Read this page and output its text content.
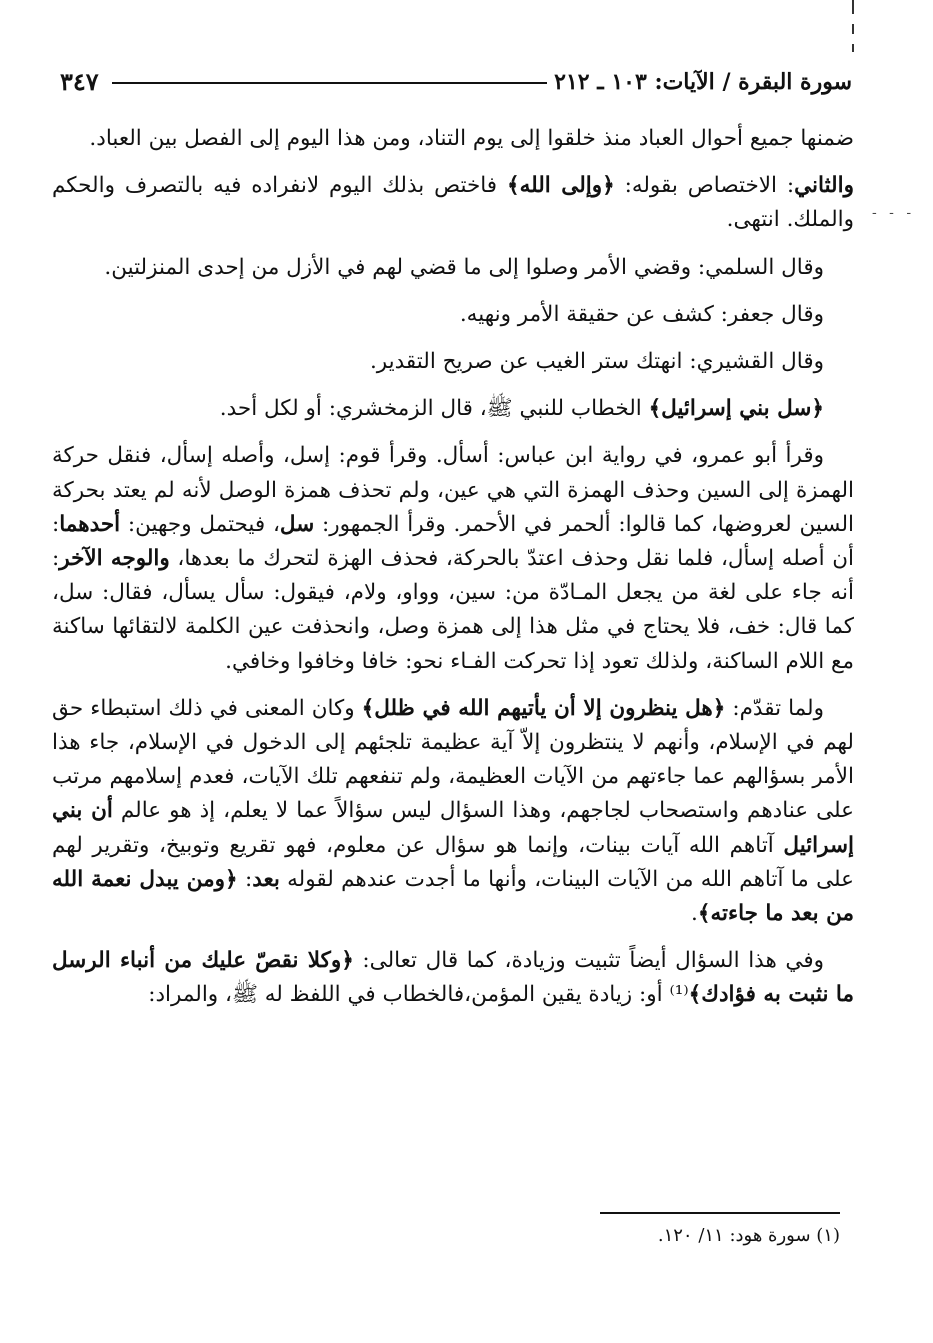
سورة البقرة / الآيات: ١٠٣ ـ ٢١٢
٣٤٧
- - -

ضمنها جميع أحوال العباد منذ خلقوا إلى يوم التناد، ومن هذا اليوم إلى الفصل بين العباد.

والثاني: الاختصاص بقوله: ﴿وإلى الله﴾ فاختص بذلك اليوم لانفراده فيه بالتصرف والحكم والملك. انتهى.

وقال السلمي: وقضي الأمر وصلوا إلى ما قضي لهم في الأزل من إحدى المنزلتين.

وقال جعفر: كشف عن حقيقة الأمر ونهيه.

وقال القشيري: انهتك ستر الغيب عن صريح التقدير.

﴿سل بني إسرائيل﴾ الخطاب للنبي ﷺ، قال الزمخشري: أو لكل أحد.

وقرأ أبو عمرو، في رواية ابن عباس: أسأل. وقرأ قوم: إسل، وأصله إسأل، فنقل حركة الهمزة إلى السين وحذف الهمزة التي هي عين، ولم تحذف همزة الوصل لأنه لم يعتد بحركة السين لعروضها، كما قالوا: ألحمر في الأحمر. وقرأ الجمهور: سل، فيحتمل وجهين: أحدهما: أن أصله إسأل، فلما نقل وحذف اعتدّ بالحركة، فحذف الهزة لتحرك ما بعدها، والوجه الآخر: أنه جاء على لغة من يجعل المـادّة من: سين، وواو، ولام، فيقول: سأل يسأل، فقال: سل، كما قال: خف، فلا يحتاج في مثل هذا إلى همزة وصل، وانحذفت عين الكلمة لالتقائها ساكنة مع اللام الساكنة، ولذلك تعود إذا تحركت الفـاء نحو: خافا وخافوا وخافي.

ولما تقدّم: ﴿هل ينظرون إلا أن يأتيهم الله في ظلل﴾ وكان المعنى في ذلك استبطاء حق لهم في الإسلام، وأنهم لا ينتظرون إلاّ آية عظيمة تلجئهم إلى الدخول في الإسلام، جاء هذا الأمر بسؤالهم عما جاءتهم من الآيات العظيمة، ولم تنفعهم تلك الآيات، فعدم إسلامهم مرتب على عنادهم واستصحاب لجاجهم، وهذا السؤال ليس سؤالاً عما لا يعلم، إذ هو عالم أن بني إسرائيل آتاهم الله آيات بينات، وإنما هو سؤال عن معلوم، فهو تقريع وتوبيخ، وتقرير لهم على ما آتاهم الله من الآيات البينات، وأنها ما أجدت عندهم لقوله بعد: ﴿ومن يبدل نعمة الله من بعد ما جاءته﴾.

وفي هذا السؤال أيضاً تثبيت وزيادة، كما قال تعالى: ﴿وكلا نقصّ عليك من أنباء الرسل ما نثبت به فؤادك﴾⁽¹⁾ أو: زيادة يقين المؤمن،فالخطاب في اللفظ له ﷺ، والمراد:

(١) سورة هود: ١١/ ١٢٠.
